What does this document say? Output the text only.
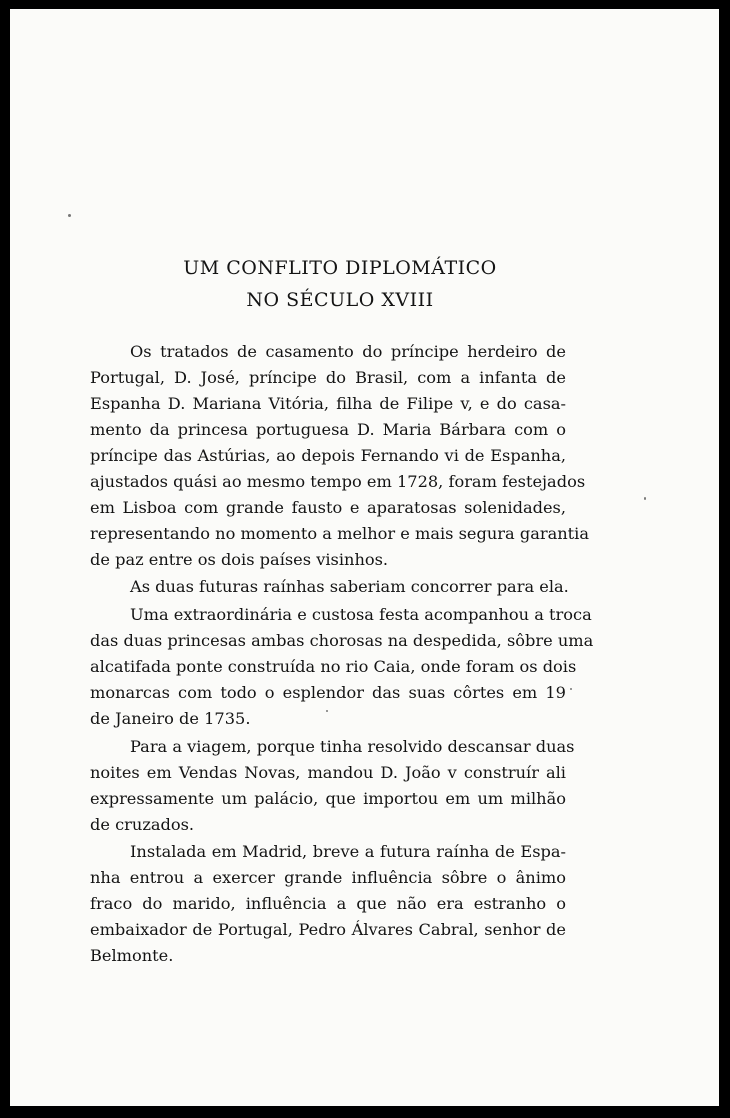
UM CONFLITO DIPLOMÁTICO
NO SÉCULO XVIII
Os tratados de casamento do príncipe herdeiro de
Portugal, D. José, príncipe do Brasil, com a infanta de
Espanha D. Mariana Vitória, filha de Filipe v, e do casa-
mento da princesa portuguesa D. Maria Bárbara com o
príncipe das Astúrias, ao depois Fernando vi de Espanha,
ajustados quási ao mesmo tempo em 1728, foram festejados
em Lisboa com grande fausto e aparatosas solenidades,
representando no momento a melhor e mais segura garantia
de paz entre os dois países visinhos.
As duas futuras raínhas saberiam concorrer para ela.
Uma extraordinária e custosa festa acompanhou a troca
das duas princesas ambas chorosas na despedida, sôbre uma
alcatifada ponte construída no rio Caia, onde foram os dois
monarcas com todo o esplendor das suas côrtes em 19
de Janeiro de 1735.
Para a viagem, porque tinha resolvido descansar duas
noites em Vendas Novas, mandou D. João v construír ali
expressamente um palácio, que importou em um milhão
de cruzados.
Instalada em Madrid, breve a futura raínha de Espa-
nha entrou a exercer grande influência sôbre o ânimo
fraco do marido, influência a que não era estranho o
embaixador de Portugal, Pedro Álvares Cabral, senhor de
Belmonte.
